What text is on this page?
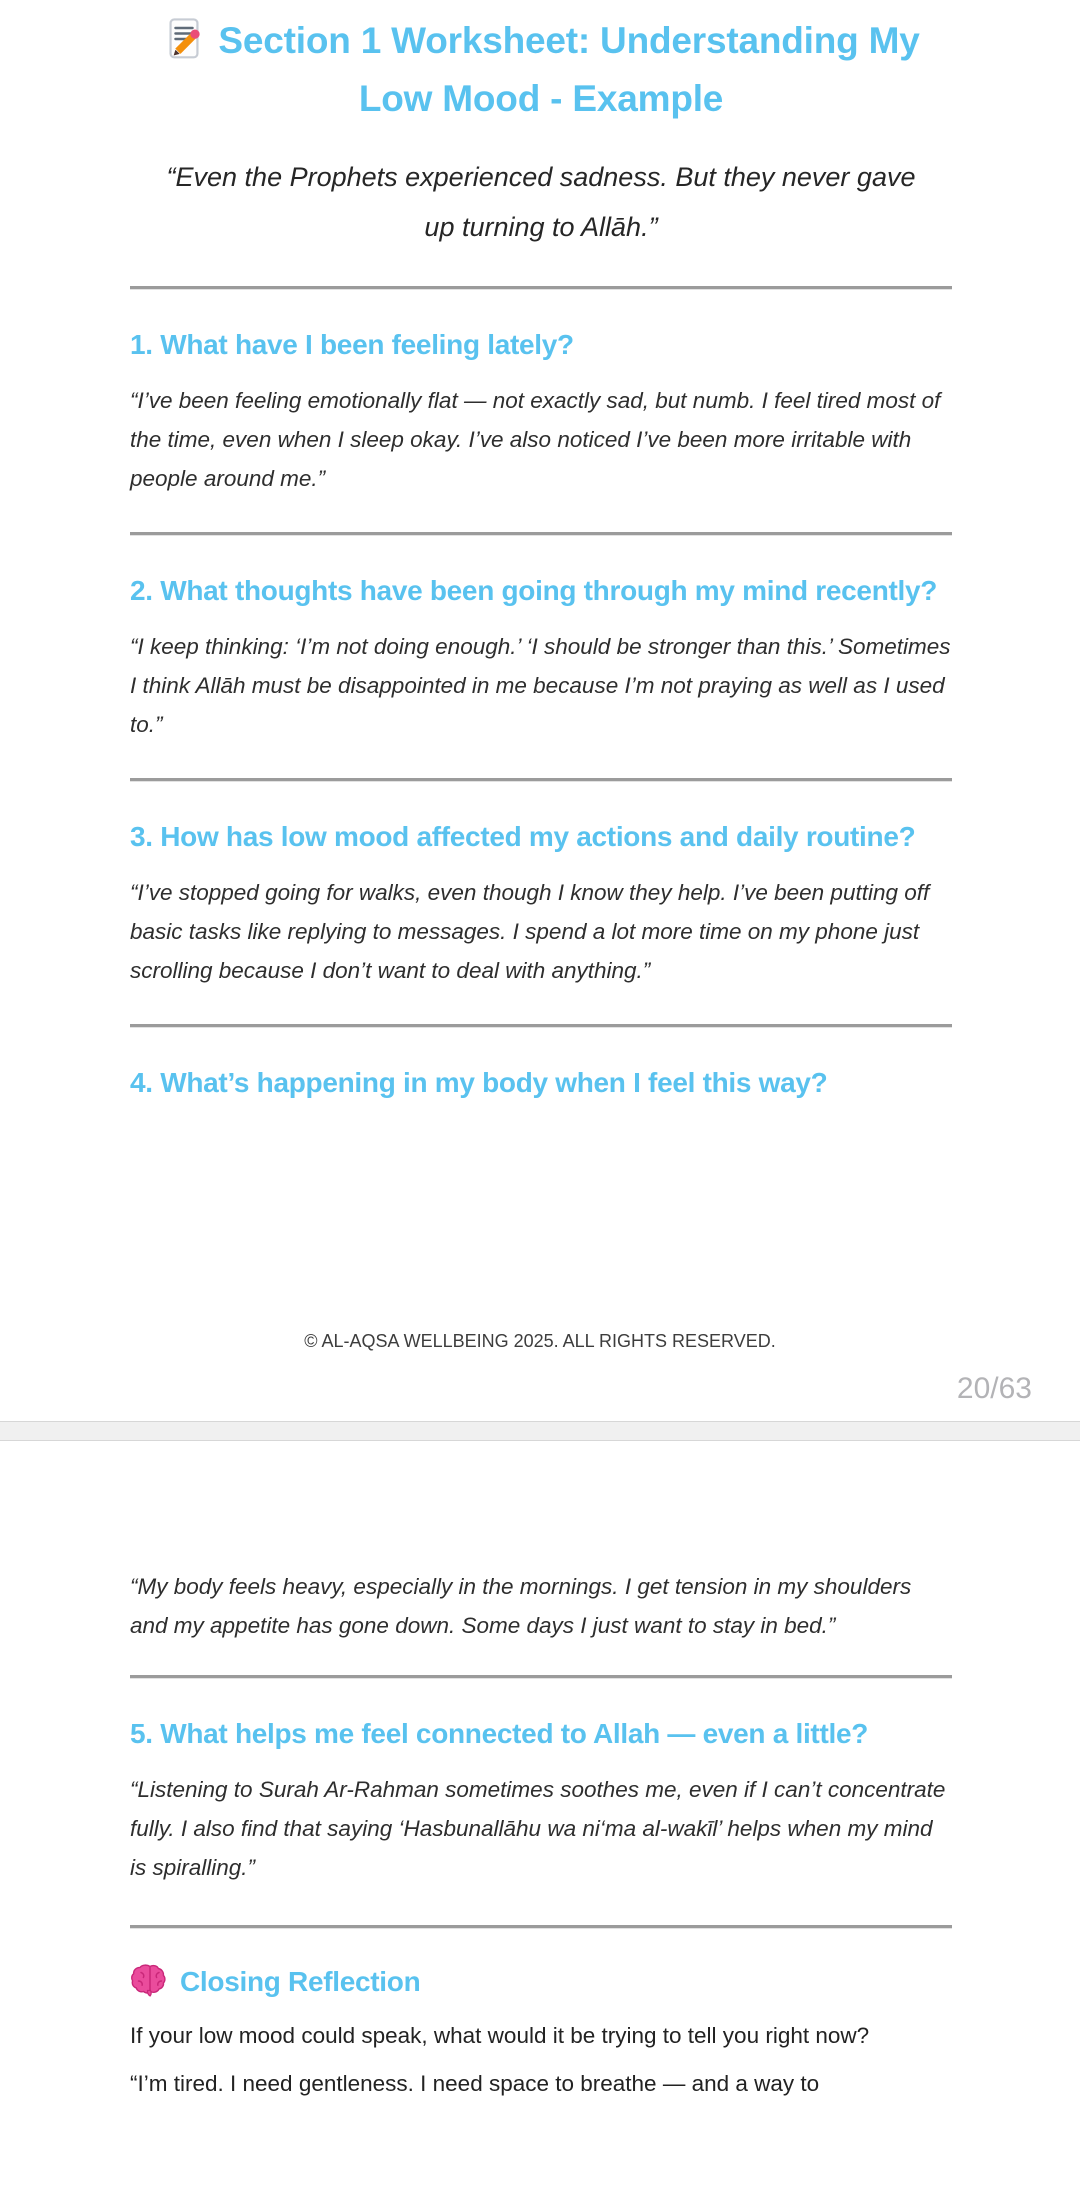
Section 1 Worksheet: Understanding My Low Mood - Example

“Even the Prophets experienced sadness. But they never gave up turning to Allāh.”

1. What have I been feeling lately?

“I’ve been feeling emotionally flat — not exactly sad, but numb. I feel tired most of the time, even when I sleep okay. I’ve also noticed I’ve been more irritable with people around me.”

2. What thoughts have been going through my mind recently?

“I keep thinking: ‘I’m not doing enough.’ ‘I should be stronger than this.’ Sometimes I think Allāh must be disappointed in me because I’m not praying as well as I used to.”

3. How has low mood affected my actions and daily routine?

“I’ve stopped going for walks, even though I know they help. I’ve been putting off basic tasks like replying to messages. I spend a lot more time on my phone just scrolling because I don’t want to deal with anything.”

4. What’s happening in my body when I feel this way?
© AL-AQSA WELLBEING 2025. ALL RIGHTS RESERVED.
20/63

“My body feels heavy, especially in the mornings. I get tension in my shoulders and my appetite has gone down. Some days I just want to stay in bed.”

5. What helps me feel connected to Allah — even a little?

“Listening to Surah Ar-Rahman sometimes soothes me, even if I can’t concentrate fully. I also find that saying ‘Hasbunallāhu wa ni‘ma al-wakīl’ helps when my mind is spiralling.”

Closing Reflection

If your low mood could speak, what would it be trying to tell you right now?

“I’m tired. I need gentleness. I need space to breathe — and a way to
